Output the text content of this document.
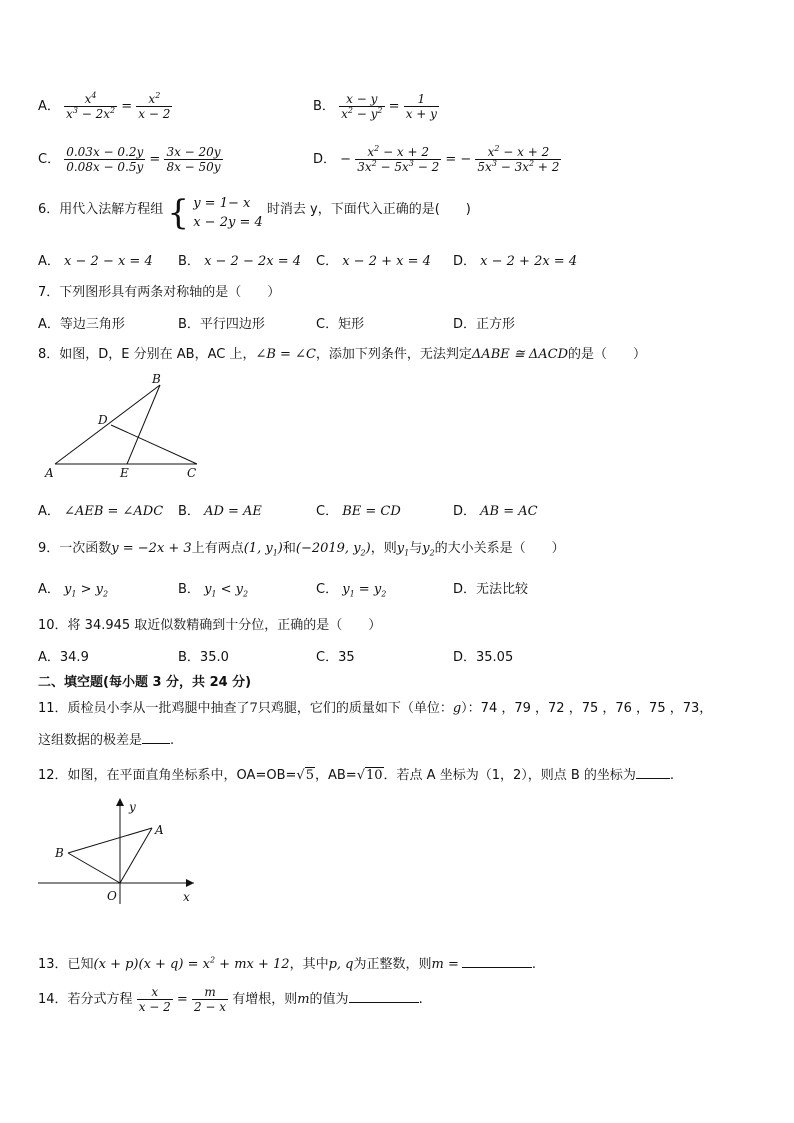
A． $\frac{x^4}{x^3 - 2x^2} = \frac{x^2}{x - 2}$	B． $\frac{x - y}{x^2 - y^2} = \frac{1}{x + y}$
C． $\frac{0.03x - 0.2y}{0.08x - 0.5y} = \frac{3x - 20y}{8x - 50y}$	D． − $\frac{x^2 - x + 2}{3x^2 - 5x^3 - 2}$ = − $\frac{x^2 - x + 2}{5x^3 - 3x^2 + 2}$
6．用代入法解方程组 { y = 1− x
x − 2y = 4
时消去 y，下面代入正确的是(　　)
A． x − 2 − x = 4 B． x − 2 − 2x = 4 C． x − 2 + x = 4 D． x − 2 + 2x = 4
7．下列图形具有两条对称轴的是（　　）
A．等边三角形	B．平行四边形	C．矩形	D．正方形
8．如图，D，E 分别在 AB，AC 上，∠B = ∠C，添加下列条件，无法判定ΔABE ≅ ΔACD的是（　　）
A
B
C
D
E
A． ∠AEB = ∠ADC B． AD = AE	C． BE = CD	D． AB = AC
9．一次函数y = −2x + 3上有两点(1, $y_1$)和(−2019, $y_2$)，则$y_1$与$y_2$的大小关系是（　　）
A． $y_1 > y_2$	B． $y_1 < y_2$	C． $y_1 = y_2$	D．无法比较
10．将 34.945 取近似数精确到十分位，正确的是（　　）
A．34.9	B．35.0	C．35	D．35.05
二、填空题(每小题 3 分，共 24 分)
11．质检员小李从一批鸡腿中抽查了7只鸡腿，它们的质量如下（单位：g）：74 ，79 ，72 ，75 ，76 ，75 ，73，
这组数据的极差是 .
12．如图，在平面直角坐标系中，OA=OB=√5，AB=√10．若点 A 坐标为（1，2），则点 B 的坐标为	.
y
A
B
O	x
13．已知$(x + p)(x + q) = x^2$ + mx + 12，其中p, q为正整数，则m =	.
14．若分式方程 $\frac{x}{x - 2} = \frac{m}{2 - x}$ 有增根，则m的值为	.
